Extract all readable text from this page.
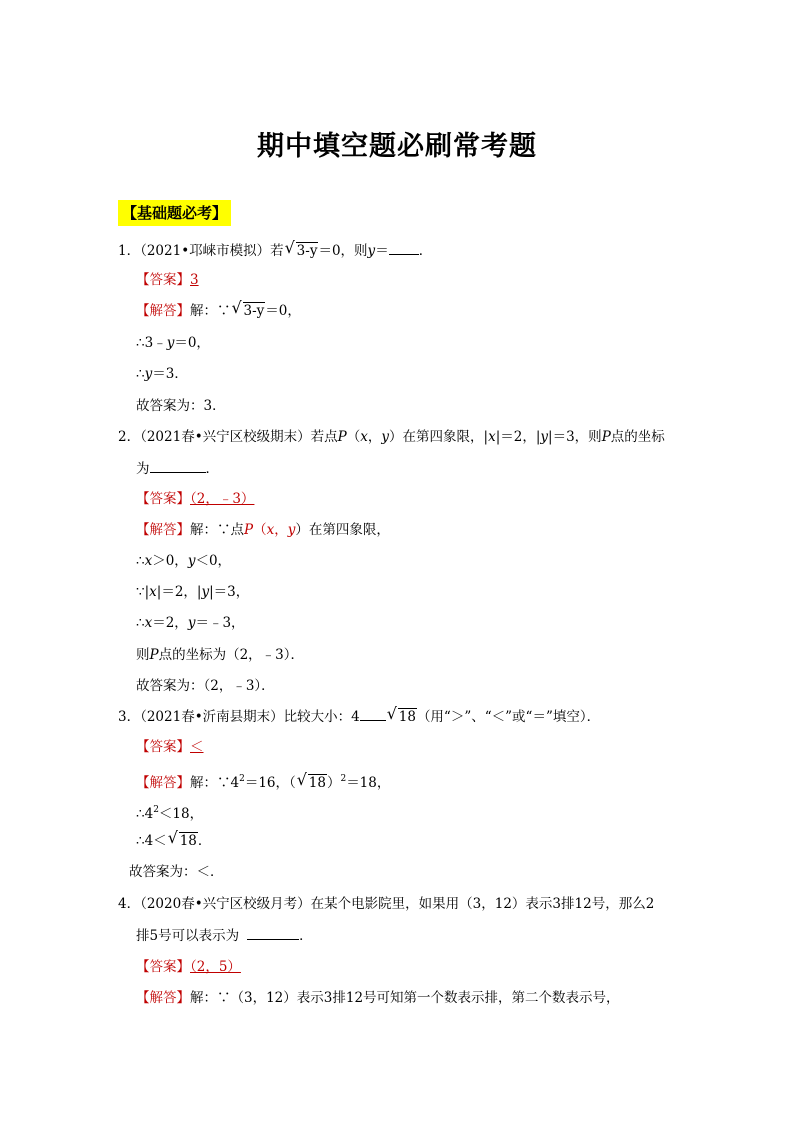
期中填空题必刷常考题
【基础题必考】
1．（2021•邛崃市模拟）若 √ 3-y＝0，则y＝ ．
【答案】3
【解答】解：∵ √ 3-y＝0，
∴3﹣y＝0，
∴y＝3．
故答案为：3．
2．（2021春•兴宁区校级期末）若点P（x，y）在第四象限，|x|＝2，|y|＝3，则P点的坐标
为	．
【答案】（2，﹣3）
【解答】解：∵点P（x，y）在第四象限，
∴x＞0，y＜0，
∵|x|＝2，|y|＝3，
∴x＝2，y＝﹣3，
则P点的坐标为（2，﹣3）．
故答案为：（2，﹣3）．
3．（2021春•沂南县期末）比较大小：4 √ 18（用“＞”、“＜”或“＝”填空）．
【答案】＜
【解答】解：$\because 4^2=16$，（ √ 18）$^2$＝18，
$\therefore 4^2<18$，
∴4＜ √ 18．
故答案为：＜．
4．（2020春•兴宁区校级月考）在某个电影院里，如果用（3，12）表示3排12号，那么2
排5号可以表示为	．
【答案】（2，5）
【解答】解：∵（3，12）表示3排12号可知第一个数表示排，第二个数表示号，
